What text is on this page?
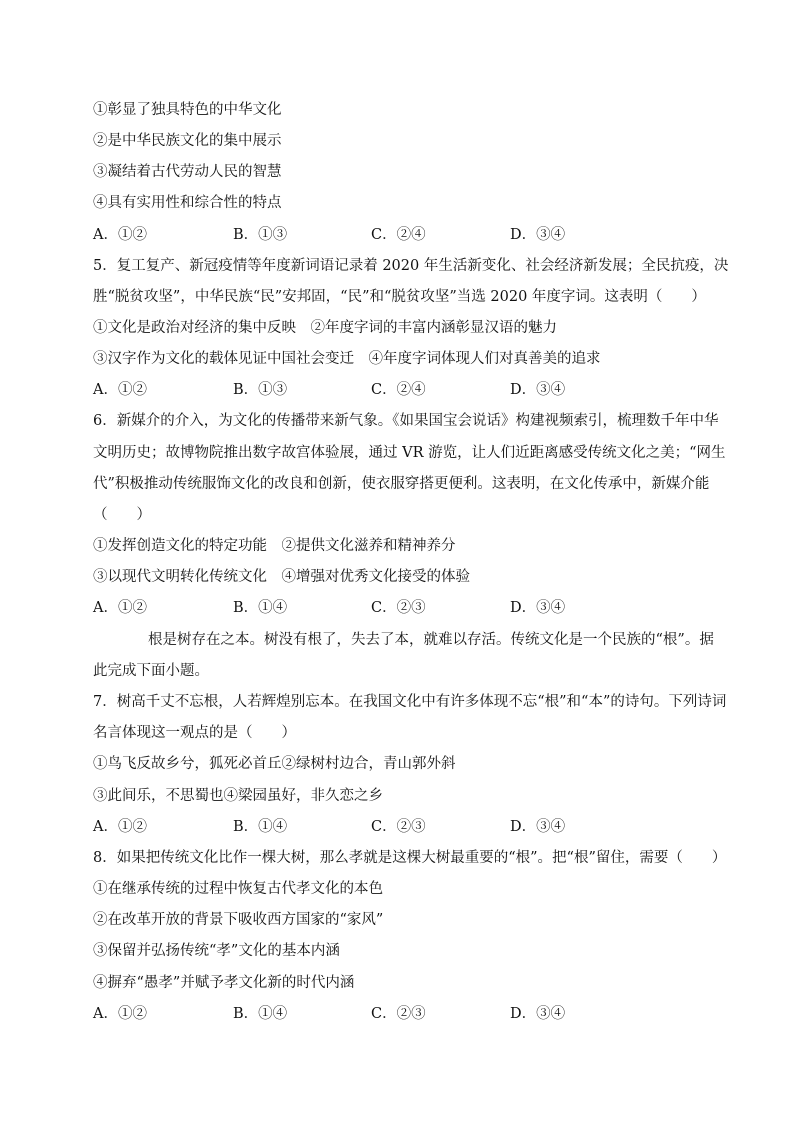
①彰显了独具特色的中华文化
②是中华民族文化的集中展示
③凝结着古代劳动人民的智慧
④具有实用性和综合性的特点
A．①②	B．①③	C．②④	D．③④
5．复工复产、新冠疫情等年度新词语记录着 2020 年生活新变化、社会经济新发展；全民抗疫，决
胜“脱贫攻坚”，中华民族“民”安邦固，“民”和“脱贫攻坚”当选 2020 年度字词。这表明（　　）
①文化是政治对经济的集中反映　②年度字词的丰富内涵彰显汉语的魅力
③汉字作为文化的载体见证中国社会变迁　④年度字词体现人们对真善美的追求
A．①②	B．①③	C．②④	D．③④
6．新媒介的介入，为文化的传播带来新气象。《如果国宝会说话》构建视频索引，梳理数千年中华
文明历史；故博物院推出数字故宫体验展，通过 VR 游览，让人们近距离感受传统文化之美；“网生
代”积极推动传统服饰文化的改良和创新，使衣服穿搭更便利。这表明，在文化传承中，新媒介能
（　　）
①发挥创造文化的特定功能　②提供文化滋养和精神养分
③以现代文明转化传统文化　④增强对优秀文化接受的体验
A．①②	B．①④	C．②③	D．③④
根是树存在之本。树没有根了，失去了本，就难以存活。传统文化是一个民族的“根”。据
此完成下面小题。
7．树高千丈不忘根，人若辉煌别忘本。在我国文化中有许多体现不忘“根”和“本”的诗句。下列诗词
名言体现这一观点的是（　　）
①鸟飞反故乡兮，狐死必首丘②绿树村边合，青山郭外斜
③此间乐，不思蜀也④梁园虽好，非久恋之乡
A．①②	B．①④	C．②③	D．③④
8．如果把传统文化比作一棵大树，那么孝就是这棵大树最重要的“根”。把“根”留住，需要（　　）
①在继承传统的过程中恢复古代孝文化的本色
②在改革开放的背景下吸收西方国家的“家风”
③保留并弘扬传统“孝”文化的基本内涵
④摒弃“愚孝”并赋予孝文化新的时代内涵
A．①②	B．①④	C．②③	D．③④
